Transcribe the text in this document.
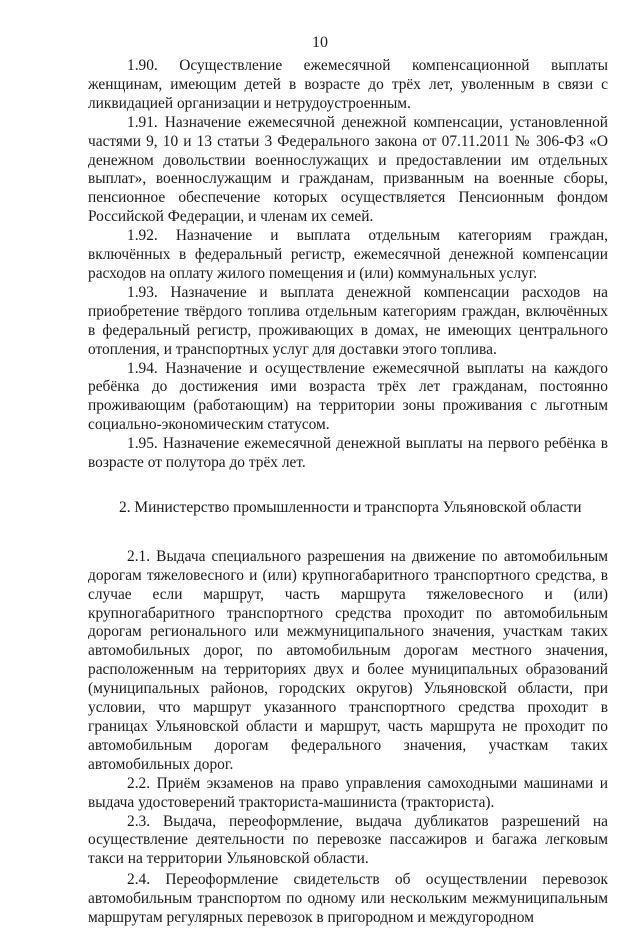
10

1.90. Осуществление ежемесячной компенсационной выплаты женщинам, имеющим детей в возрасте до трёх лет, уволенным в связи с ликвидацией организации и нетрудоустроенным.

1.91. Назначение ежемесячной денежной компенсации, установленной частями 9, 10 и 13 статьи 3 Федерального закона от 07.11.2011 № 306-ФЗ «О денежном довольствии военнослужащих и предоставлении им отдельных выплат», военнослужащим и гражданам, призванным на военные сборы, пенсионное обеспечение которых осуществляется Пенсионным фондом Российской Федерации, и членам их семей.

1.92. Назначение и выплата отдельным категориям граждан, включённых в федеральный регистр, ежемесячной денежной компенсации расходов на оплату жилого помещения и (или) коммунальных услуг.

1.93. Назначение и выплата денежной компенсации расходов на приобретение твёрдого топлива отдельным категориям граждан, включённых в федеральный регистр, проживающих в домах, не имеющих центрального отопления, и транспортных услуг для доставки этого топлива.

1.94. Назначение и осуществление ежемесячной выплаты на каждого ребёнка до достижения ими возраста трёх лет гражданам, постоянно проживающим (работающим) на территории зоны проживания с льготным социально-экономическим статусом.

1.95. Назначение ежемесячной денежной выплаты на первого ребёнка в возрасте от полутора до трёх лет.

2. Министерство промышленности и транспорта Ульяновской области

2.1. Выдача специального разрешения на движение по автомобильным дорогам тяжеловесного и (или) крупногабаритного транспортного средства, в случае если маршрут, часть маршрута тяжеловесного и (или) крупногабаритного транспортного средства проходит по автомобильным дорогам регионального или межмуниципального значения, участкам таких автомобильных дорог, по автомобильным дорогам местного значения, расположенным на территориях двух и более муниципальных образований (муниципальных районов, городских округов) Ульяновской области, при условии, что маршрут указанного транспортного средства проходит в границах Ульяновской области и маршрут, часть маршрута не проходит по автомобильным дорогам федерального значения, участкам таких автомобильных дорог.

2.2. Приём экзаменов на право управления самоходными машинами и выдача удостоверений тракториста-машиниста (тракториста).

2.3. Выдача, переоформление, выдача дубликатов разрешений на осуществление деятельности по перевозке пассажиров и багажа легковым такси на территории Ульяновской области.

2.4. Переоформление свидетельств об осуществлении перевозок автомобильным транспортом по одному или нескольким межмуниципальным маршрутам регулярных перевозок в пригородном и междугородном
